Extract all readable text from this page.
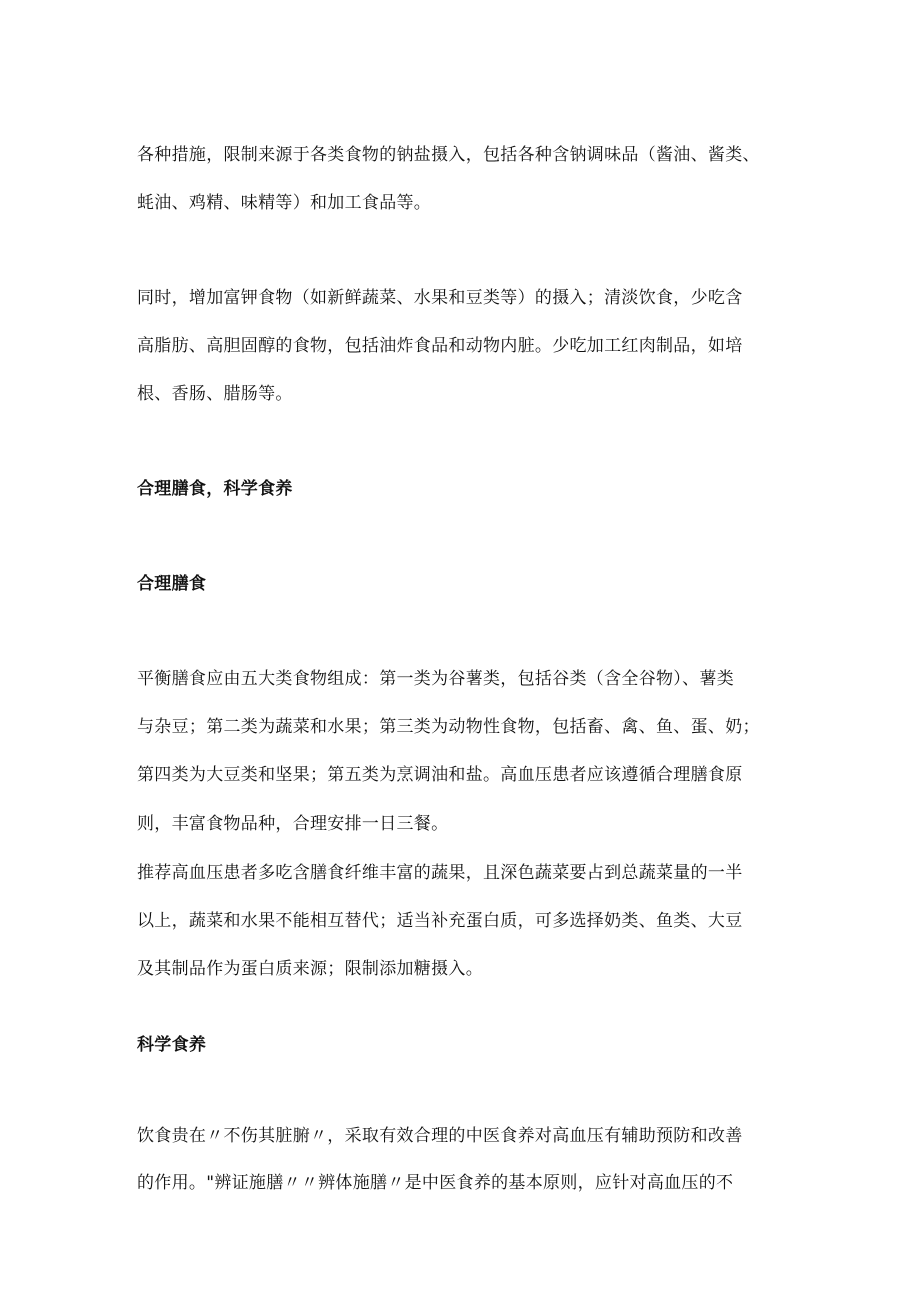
各种措施，限制来源于各类食物的钠盐摄入，包括各种含钠调味品（酱油、酱类、

蚝油、鸡精、味精等）和加工食品等。

同时，增加富钾食物（如新鲜蔬菜、水果和豆类等）的摄入；清淡饮食，少吃含

高脂肪、高胆固醇的食物，包括油炸食品和动物内脏。少吃加工红肉制品，如培

根、香肠、腊肠等。

合理膳食，科学食养

合理膳食

平衡膳食应由五大类食物组成：第一类为谷薯类，包括谷类（含全谷物）、薯类

与杂豆；第二类为蔬菜和水果；第三类为动物性食物，包括畜、禽、鱼、蛋、奶；

第四类为大豆类和坚果；第五类为烹调油和盐。高血压患者应该遵循合理膳食原

则，丰富食物品种，合理安排一日三餐。

推荐高血压患者多吃含膳食纤维丰富的蔬果，且深色蔬菜要占到总蔬菜量的一半

以上，蔬菜和水果不能相互替代；适当补充蛋白质，可多选择奶类、鱼类、大豆

及其制品作为蛋白质来源；限制添加糖摄入。

科学食养

饮食贵在〃不伤其脏腑〃，采取有效合理的中医食养对高血压有辅助预防和改善

的作用。"辨证施膳〃〃辨体施膳〃是中医食养的基本原则，应针对高血压的不
